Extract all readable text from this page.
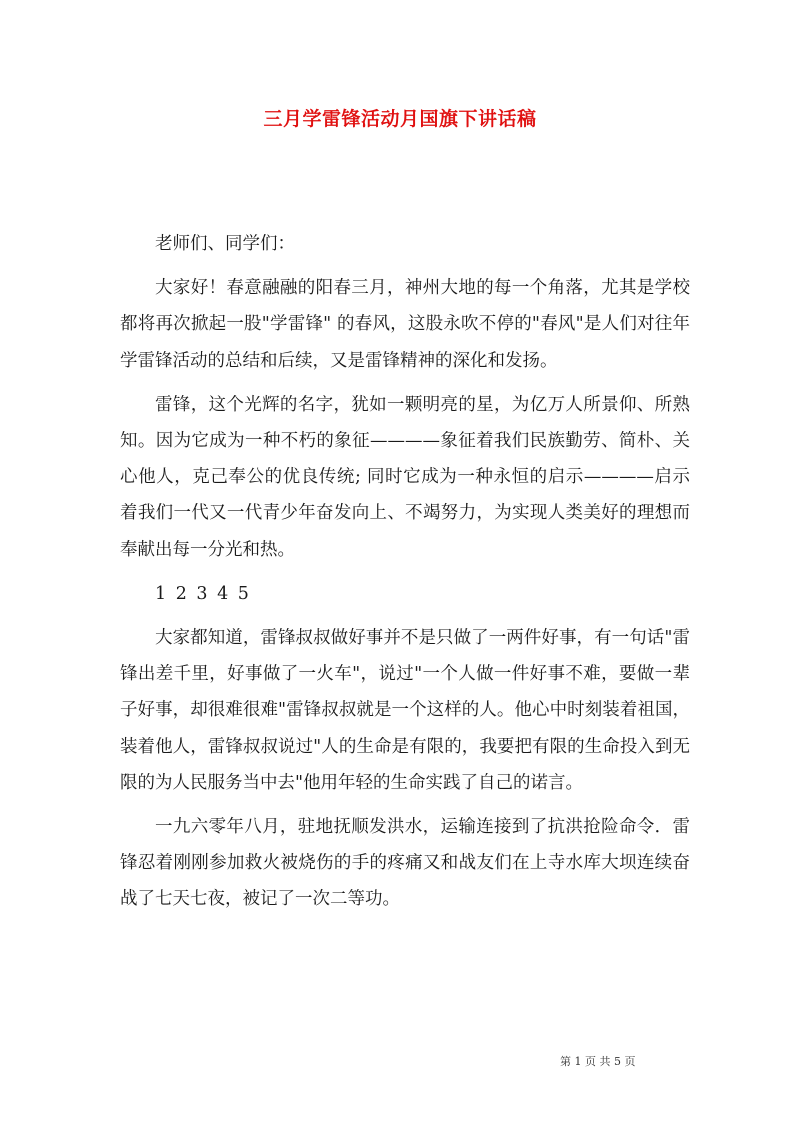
三月学雷锋活动月国旗下讲话稿

老师们、同学们：

大家好！春意融融的阳春三月，神州大地的每一个角落，尤其是学校都将再次掀起一股"学雷锋" 的春风，这股永吹不停的"春风"是人们对往年学雷锋活动的总结和后续，又是雷锋精神的深化和发扬。

雷锋，这个光辉的名字，犹如一颗明亮的星，为亿万人所景仰、所熟知。因为它成为一种不朽的象征————象征着我们民族勤劳、简朴、关心他人，克己奉公的优良传统; 同时它成为一种永恒的启示————启示着我们一代又一代青少年奋发向上、不竭努力，为实现人类美好的理想而奉献出每一分光和热。

1 2 3 4 5

大家都知道，雷锋叔叔做好事并不是只做了一两件好事，有一句话"雷锋出差千里，好事做了一火车"，说过"一个人做一件好事不难，要做一辈子好事，却很难很难"雷锋叔叔就是一个这样的人。他心中时刻装着祖国，装着他人，雷锋叔叔说过"人的生命是有限的，我要把有限的生命投入到无限的为人民服务当中去"他用年轻的生命实践了自己的诺言。

一九六零年八月，驻地抚顺发洪水，运输连接到了抗洪抢险命令．雷锋忍着刚刚参加救火被烧伤的手的疼痛又和战友们在上寺水库大坝连续奋战了七天七夜，被记了一次二等功。

第 1 页 共 5 页
